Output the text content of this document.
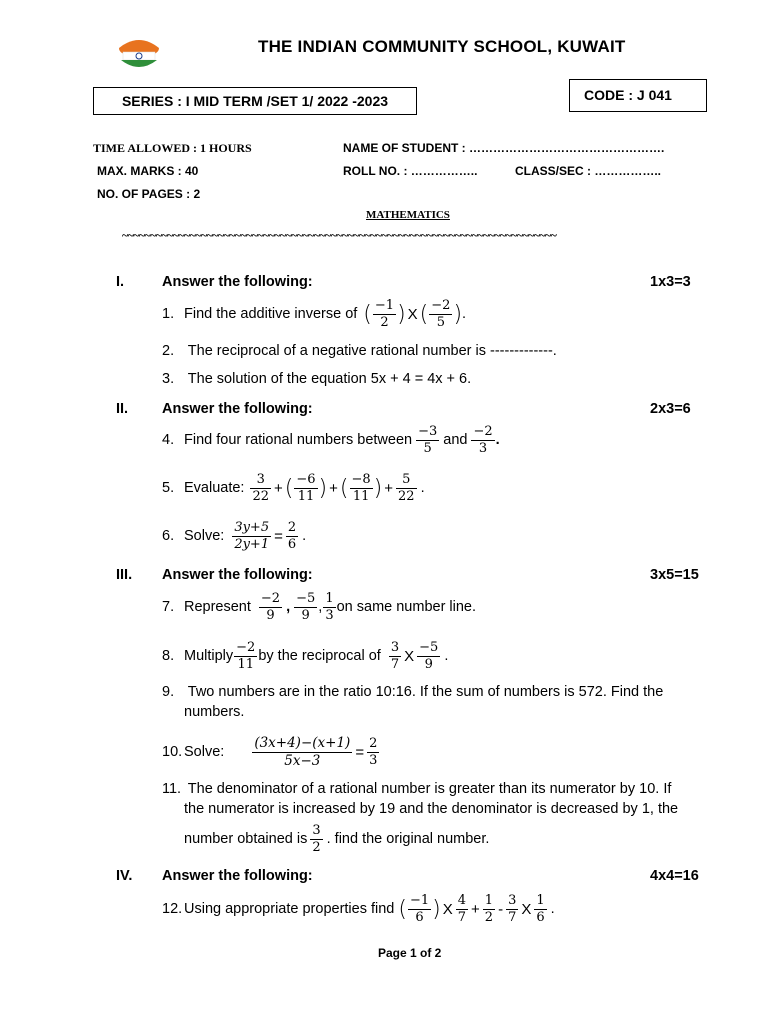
THE INDIAN COMMUNITY SCHOOL, KUWAIT
SERIES : I MID TERM /SET 1/ 2022 -2023	CODE : J 041
TIME ALLOWED : 1 HOURS
MAX. MARKS : 40
NO. OF PAGES : 2
NAME OF STUDENT : ………………………………………….
ROLL NO. : ……………..	CLASS/SEC : ……………..
MATHEMATICS
~~~~~~~~~~~~~~~~~~~~~~~~~~~~~~~~~~~~~~~~~~~~~~~~~~~~~~~~~~~~~~~~~~~~~~~~~~~~~
I.	Answer the following:	1x3=3
1. Find the additive inverse of ( $\frac{-1}{2}$ ) X ( $\frac{-2}{5}$ ) .
2. The reciprocal of a negative rational number is -------------.
3. The solution of the equation 5x + 4 = 4x + 6.
II. Answer the following:	2x3=6
4. Find four rational numbers between $\frac{-3}{5}$ and $\frac{-2}{3}$ .
5. Evaluate: $\frac{3}{22}$ + ( $\frac{-6}{11}$ ) + ( $\frac{-8}{11}$ ) + $\frac{5}{22}$ .
6. Solve: $\frac{3y+5}{2y+1} = \frac{2}{6}$ .
III. Answer the following:	3x5=15
7. Represent $\frac{-2}{9}$ , $\frac{-5}{9}$ , $\frac{1}{3}$ on same number line.
8. Multiply $\frac{-2}{11}$ by the reciprocal of $\frac{3}{7}$ X $\frac{-5}{9}$ .
9. Two numbers are in the ratio 10:16. If the sum of numbers is 572. Find the
numbers.
10. Solve: $\frac{(3x+4)-(x+1)}{5x-3} = \frac{2}{3}$
11. The denominator of a rational number is greater than its numerator by 10. If
the numerator is increased by 19 and the denominator is decreased by 1, the
number obtained is $\frac{3}{2}$ . find the original number.
IV. Answer the following:	4x4=16
12. Using appropriate properties find ( $\frac{-1}{6}$ ) X $\frac{4}{7} + \frac{1}{2} - \frac{3}{7}$ X $\frac{1}{6}$ .
Page 1 of 2
